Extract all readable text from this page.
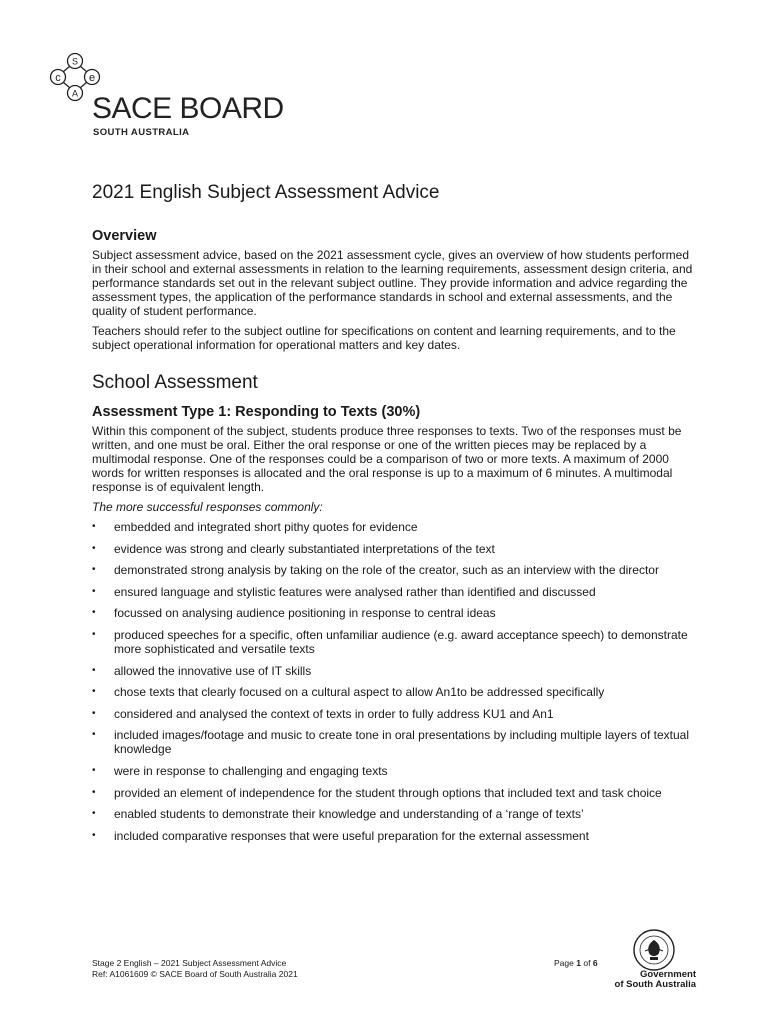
S
c	e
A SACE BOARD
SOUTH AUSTRALIA
2021 English Subject Assessment Advice
Overview

Subject assessment advice, based on the 2021 assessment cycle, gives an overview of how students performed in their school and external assessments in relation to the learning requirements, assessment design criteria, and performance standards set out in the relevant subject outline. They provide information and advice regarding the assessment types, the application of the performance standards in school and external assessments, and the quality of student performance.

Teachers should refer to the subject outline for specifications on content and learning requirements, and to the subject operational information for operational matters and key dates.

School Assessment
Assessment Type 1: Responding to Texts (30%)

Within this component of the subject, students produce three responses to texts. Two of the responses must be written, and one must be oral. Either the oral response or one of the written pieces may be replaced by a multimodal response. One of the responses could be a comparison of two or more texts. A maximum of 2000 words for written responses is allocated and the oral response is up to a maximum of 6 minutes. A multimodal response is of equivalent length.

The more successful responses commonly:

• embedded and integrated short pithy quotes for evidence
• evidence was strong and clearly substantiated interpretations of the text
• demonstrated strong analysis by taking on the role of the creator, such as an interview with the director
• ensured language and stylistic features were analysed rather than identified and discussed
• focussed on analysing audience positioning in response to central ideas
• produced speeches for a specific, often unfamiliar audience (e.g. award acceptance speech) to demonstrate more sophisticated and versatile texts
• allowed the innovative use of IT skills
• chose texts that clearly focused on a cultural aspect to allow An1to be addressed specifically
• considered and analysed the context of texts in order to fully address KU1 and An1
• included images/footage and music to create tone in oral presentations by including multiple layers of textual knowledge
• were in response to challenging and engaging texts
• provided an element of independence for the student through options that included text and task choice
• enabled students to demonstrate their knowledge and understanding of a ‘range of texts’
• included comparative responses that were useful preparation for the external assessment
Stage 2 English – 2021 Subject Assessment Advice
Ref: A1061609 © SACE Board of South Australia 2021
Page 1 of 6
Government
of South Australia
